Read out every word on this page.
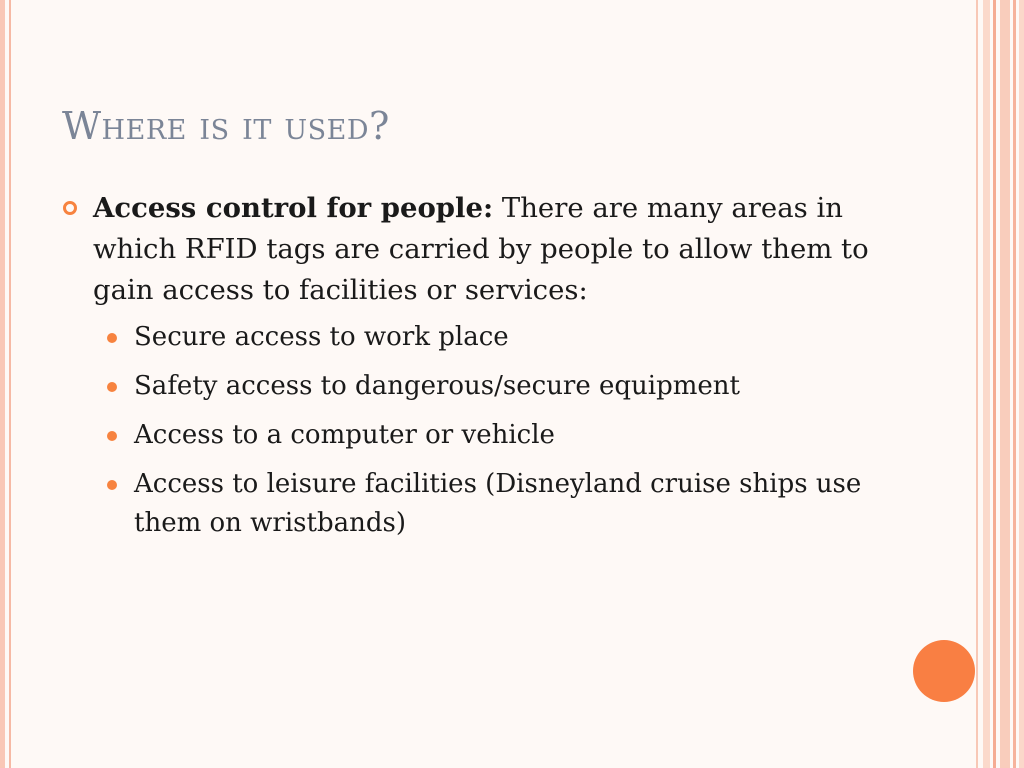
Where is it used?
Access control for people: There are many areas in which RFID tags are carried by people to allow them to gain access to facilities or services:
Secure access to work place
Safety access to dangerous/secure equipment
Access to a computer or vehicle
Access to leisure facilities (Disneyland cruise ships use them on wristbands)
